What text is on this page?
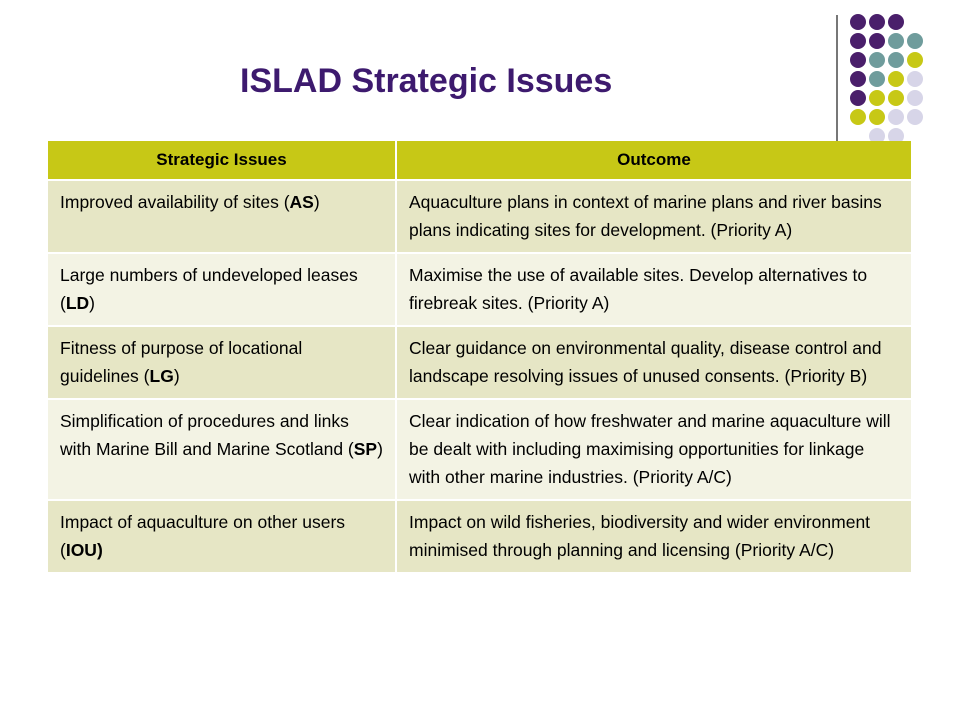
ISLAD Strategic Issues
Strategic Issues	Outcome
Improved availability of sites (AS)	Aquaculture plans in context of marine plans and river basins plans indicating sites for development. (Priority A)
Large numbers of undeveloped leases (LD)	Maximise the use of available sites. Develop alternatives to firebreak sites. (Priority A)
Fitness of purpose of locational guidelines (LG)	Clear guidance on environmental quality, disease control and landscape resolving issues of unused consents. (Priority B)
Simplification of procedures and links with Marine Bill and Marine Scotland (SP)	Clear indication of how freshwater and marine aquaculture will be dealt with including maximising opportunities for linkage with other marine industries. (Priority A/C)
Impact of aquaculture on other users (IOU)	Impact on wild fisheries, biodiversity and wider environment minimised through planning and licensing (Priority A/C)
